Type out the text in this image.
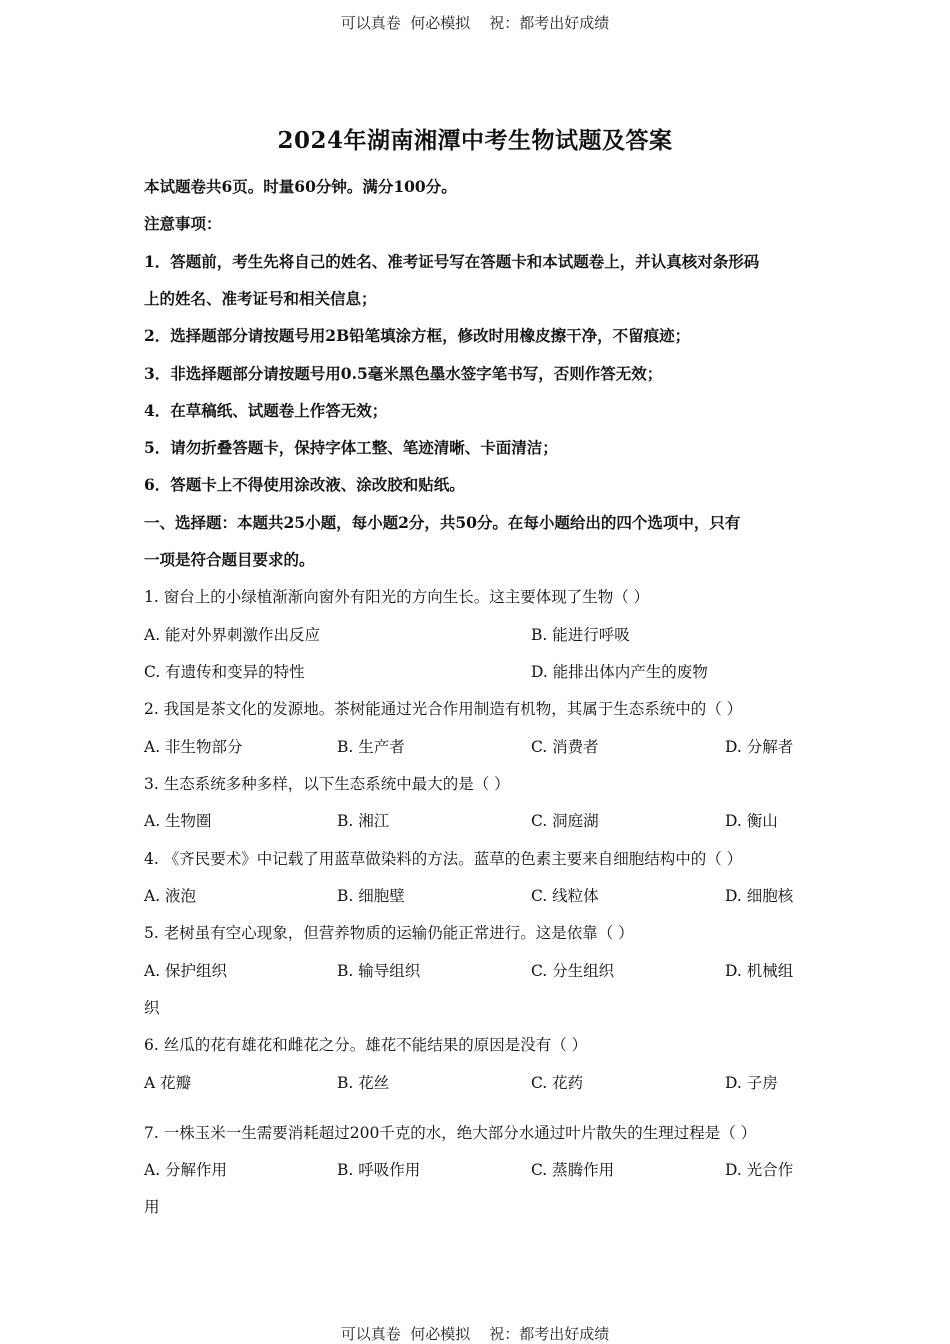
可以真卷  何必模拟    祝：都考出好成绩
2024年湖南湘潭中考生物试题及答案
本试题卷共6页。时量60分钟。满分100分。
注意事项：
1．答题前，考生先将自己的姓名、准考证号写在答题卡和本试题卷上，并认真核对条形码
上的姓名、准考证号和相关信息；
2．选择题部分请按题号用2B铅笔填涂方框，修改时用橡皮擦干净，不留痕迹；
3．非选择题部分请按题号用0.5毫米黑色墨水签字笔书写，否则作答无效；
4．在草稿纸、试题卷上作答无效；
5．请勿折叠答题卡，保持字体工整、笔迹清晰、卡面清洁；
6．答题卡上不得使用涂改液、涂改胶和贴纸。
一、选择题：本题共25小题，每小题2分，共50分。在每小题给出的四个选项中，只有
一项是符合题目要求的。
1. 窗台上的小绿植渐渐向窗外有阳光的方向生长。这主要体现了生物（ ）
A. 能对外界刺激作出反应	B. 能进行呼吸
C. 有遗传和变异的特性	D. 能排出体内产生的废物
2. 我国是茶文化的发源地。茶树能通过光合作用制造有机物，其属于生态系统中的（ ）
A. 非生物部分	B. 生产者	C. 消费者	D. 分解者
3. 生态系统多种多样，以下生态系统中最大的是（ ）
A. 生物圈	B. 湘江	C. 洞庭湖	D. 衡山
4. 《齐民要术》中记载了用蓝草做染料的方法。蓝草的色素主要来自细胞结构中的（ ）
A. 液泡	B. 细胞壁	C. 线粒体	D. 细胞核
5. 老树虽有空心现象，但营养物质的运输仍能正常进行。这是依靠（ ）
A. 保护组织	B. 输导组织	C. 分生组织	D. 机械组
织
6. 丝瓜的花有雄花和雌花之分。雄花不能结果的原因是没有（ ）
A 花瓣	B. 花丝	C. 花药	D. 子房
7. 一株玉米一生需要消耗超过200千克的水，绝大部分水通过叶片散失的生理过程是（ ）
A. 分解作用	B. 呼吸作用	C. 蒸腾作用	D. 光合作
用
可以真卷  何必模拟    祝：都考出好成绩
